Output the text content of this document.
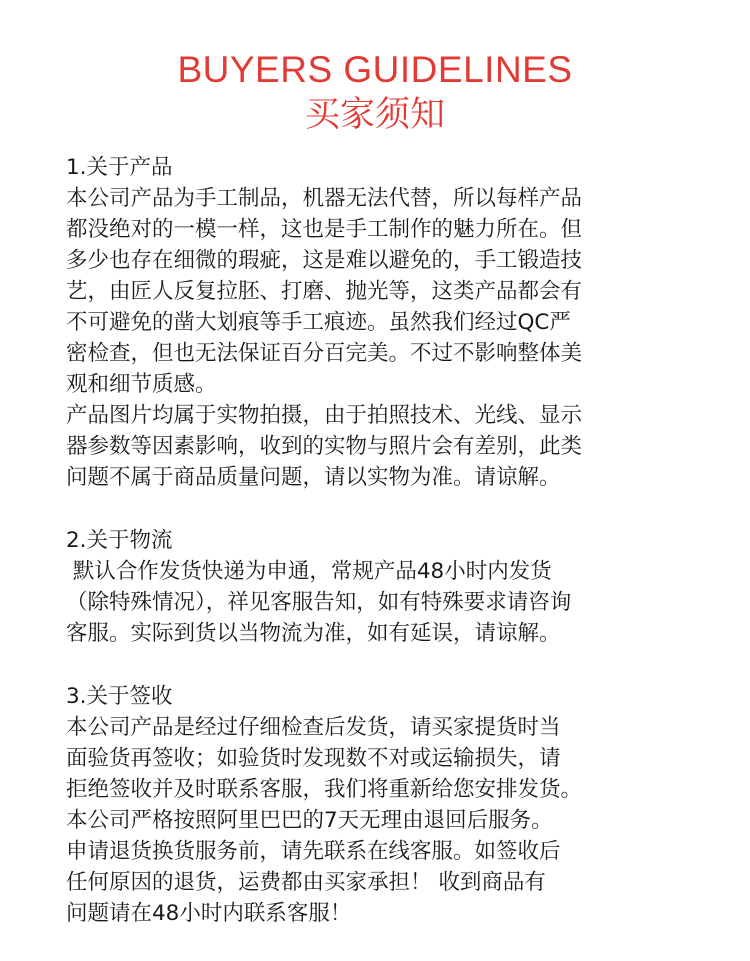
BUYERS GUIDELINES
买家须知
1.关于产品
本公司产品为手工制品，机器无法代替，所以每样产品
都没绝对的一模一样，这也是手工制作的魅力所在。但
多少也存在细微的瑕疵，这是难以避免的，手工锻造技
艺，由匠人反复拉胚、打磨、抛光等，这类产品都会有
不可避免的凿大划痕等手工痕迹。虽然我们经过QC严
密检查，但也无法保证百分百完美。不过不影响整体美
观和细节质感。
产品图片均属于实物拍摄，由于拍照技术、光线、显示
器参数等因素影响，收到的实物与照片会有差别，此类
问题不属于商品质量问题，请以实物为准。请谅解。
2.关于物流
默认合作发货快递为申通，常规产品48小时内发货
（除特殊情况），祥见客服告知，如有特殊要求请咨询
客服。实际到货以当物流为准，如有延误，请谅解。
3.关于签收
本公司产品是经过仔细检查后发货，请买家提货时当
面验货再签收；如验货时发现数不对或运输损失，请
拒绝签收并及时联系客服，我们将重新给您安排发货。
本公司严格按照阿里巴巴的7天无理由退回后服务。
申请退货换货服务前，请先联系在线客服。如签收后
任何原因的退货，运费都由买家承担！ 收到商品有
问题请在48小时内联系客服！
